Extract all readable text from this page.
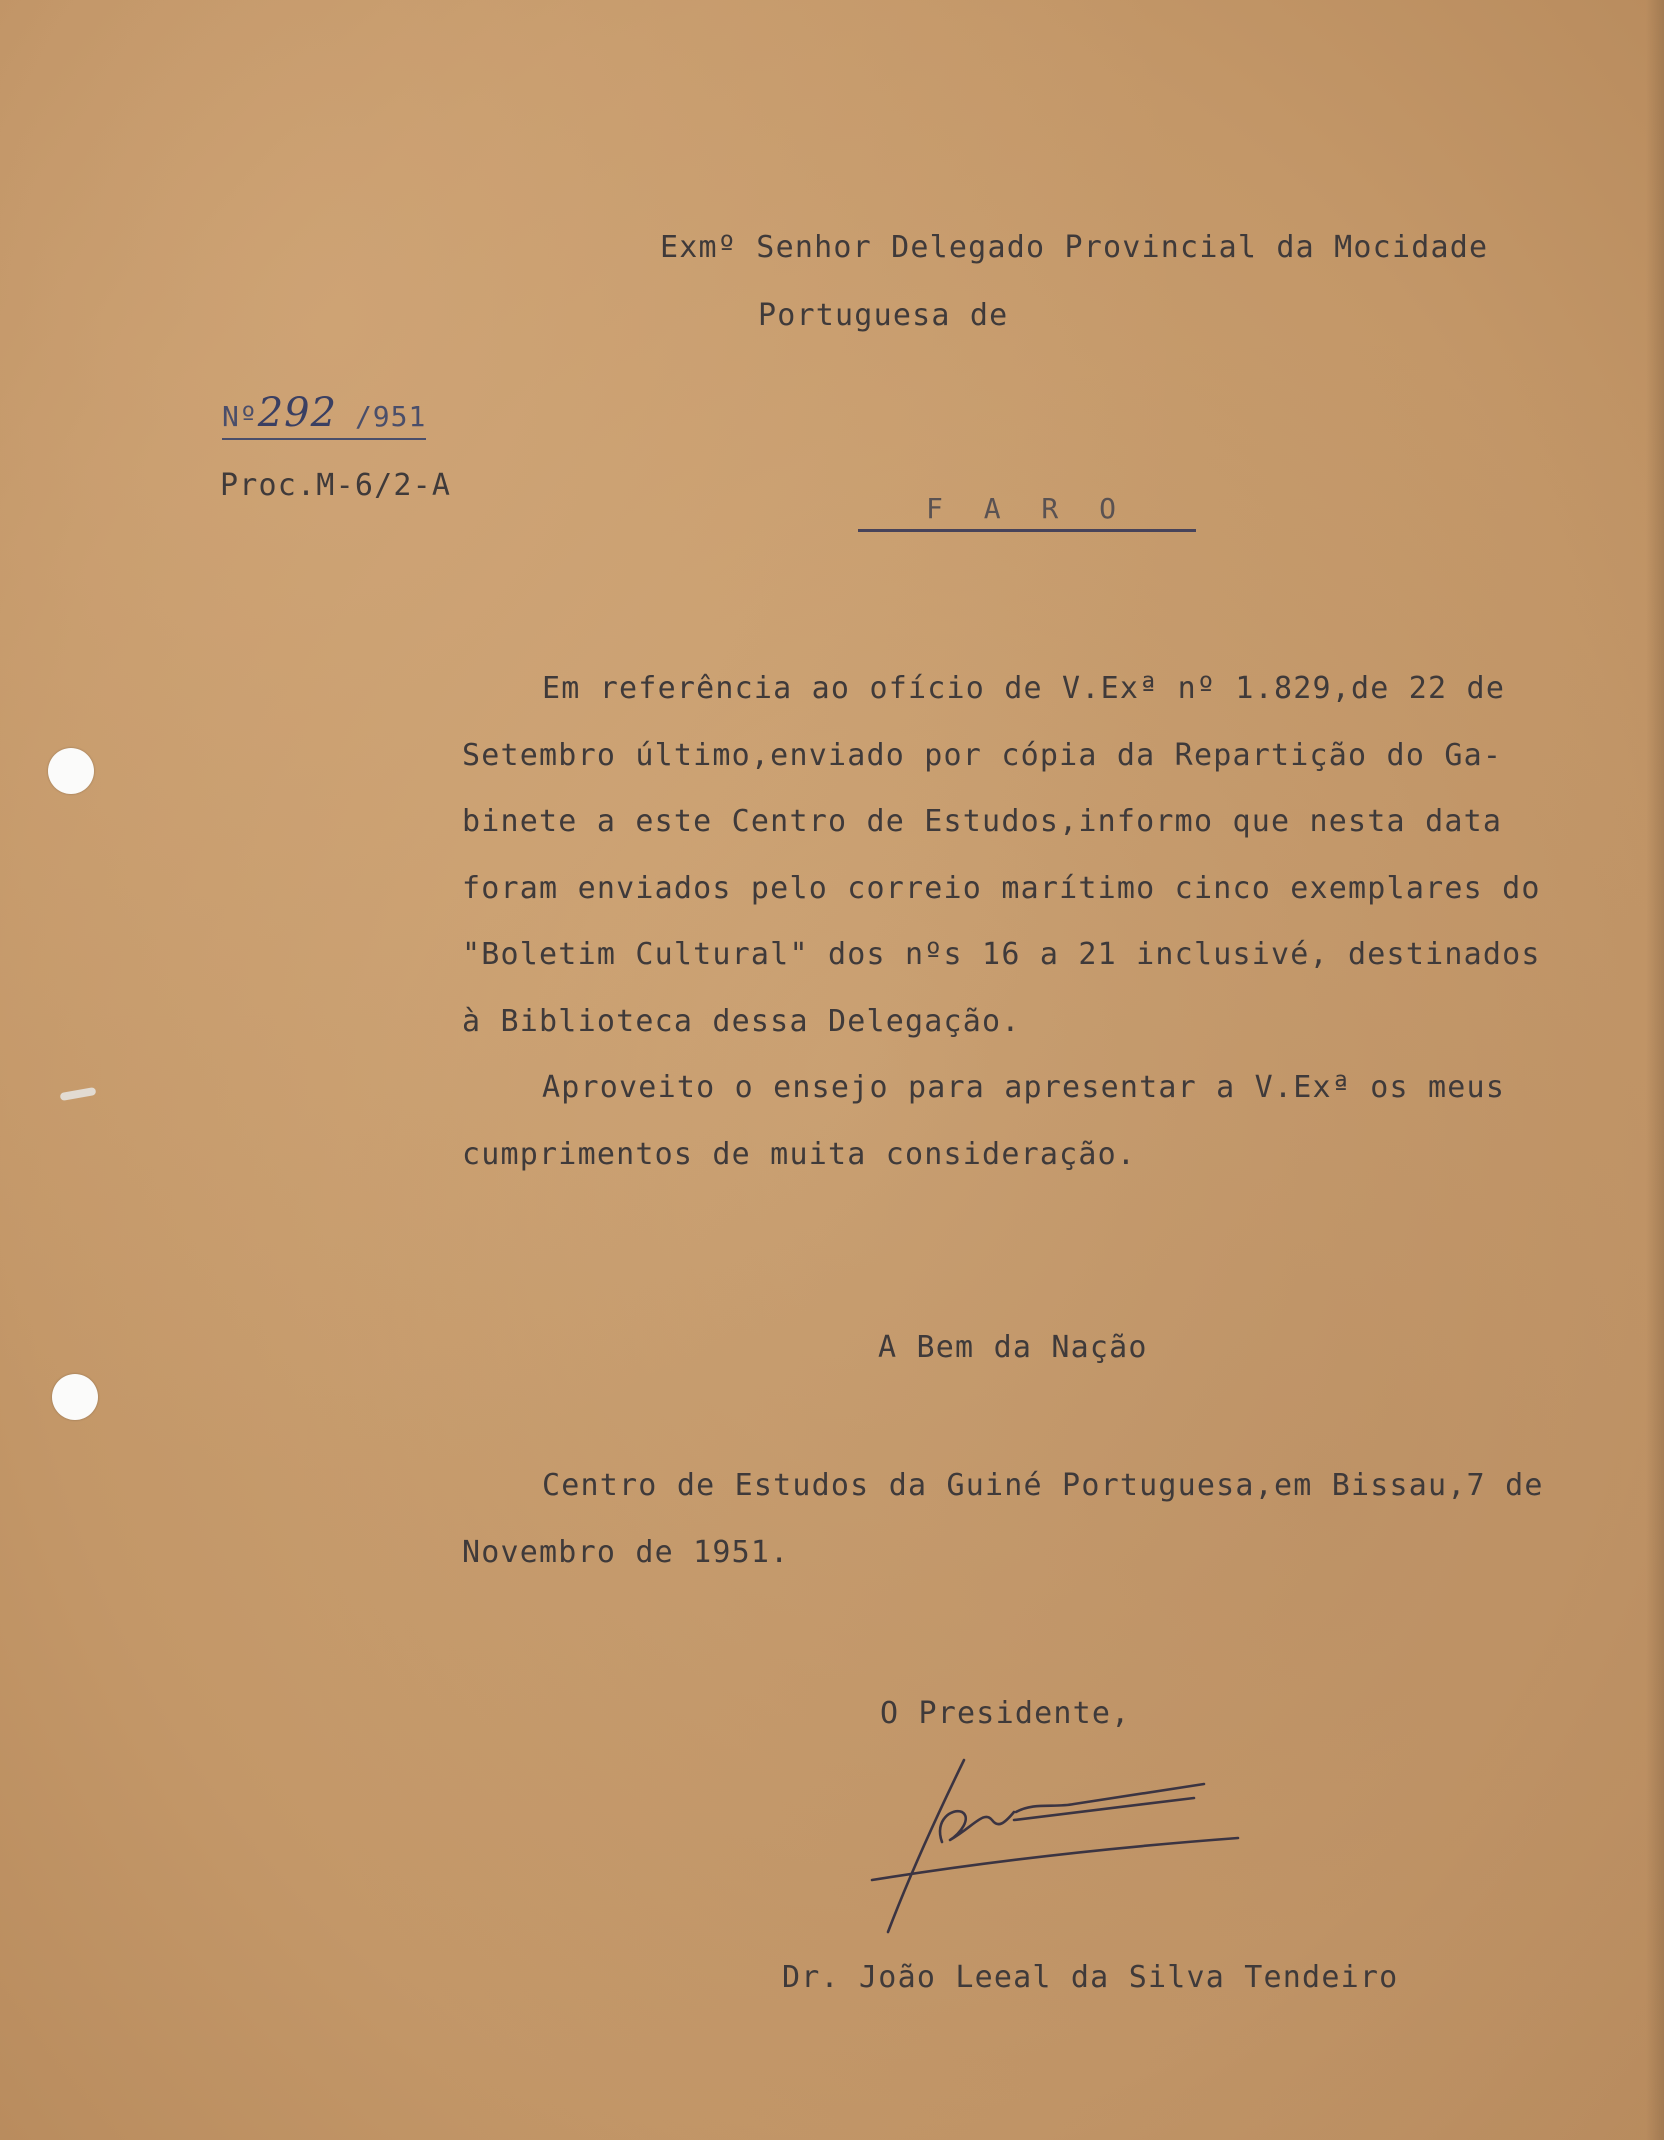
Exmº Senhor Delegado Provincial da Mocidade

Portuguesa de

Nº292 /951

Proc.M-6/2-A

F A R O
Em referência ao ofício de V.Exª nº 1.829,de 22 de
Setembro último,enviado por cópia da Repartição do Ga-
binete a este Centro de Estudos,informo que nesta data
foram enviados pelo correio marítimo cinco exemplares do
"Boletim Cultural" dos nºs 16 a 21 inclusivé, destinados
à Biblioteca dessa Delegação.
Aproveito o ensejo para apresentar a V.Exª os meus
cumprimentos de muita consideração.

A Bem da Nação

Centro de Estudos da Guiné Portuguesa,em Bissau,7 de

Novembro de 1951.

O Presidente,

Dr. João Leeal da Silva Tendeiro
